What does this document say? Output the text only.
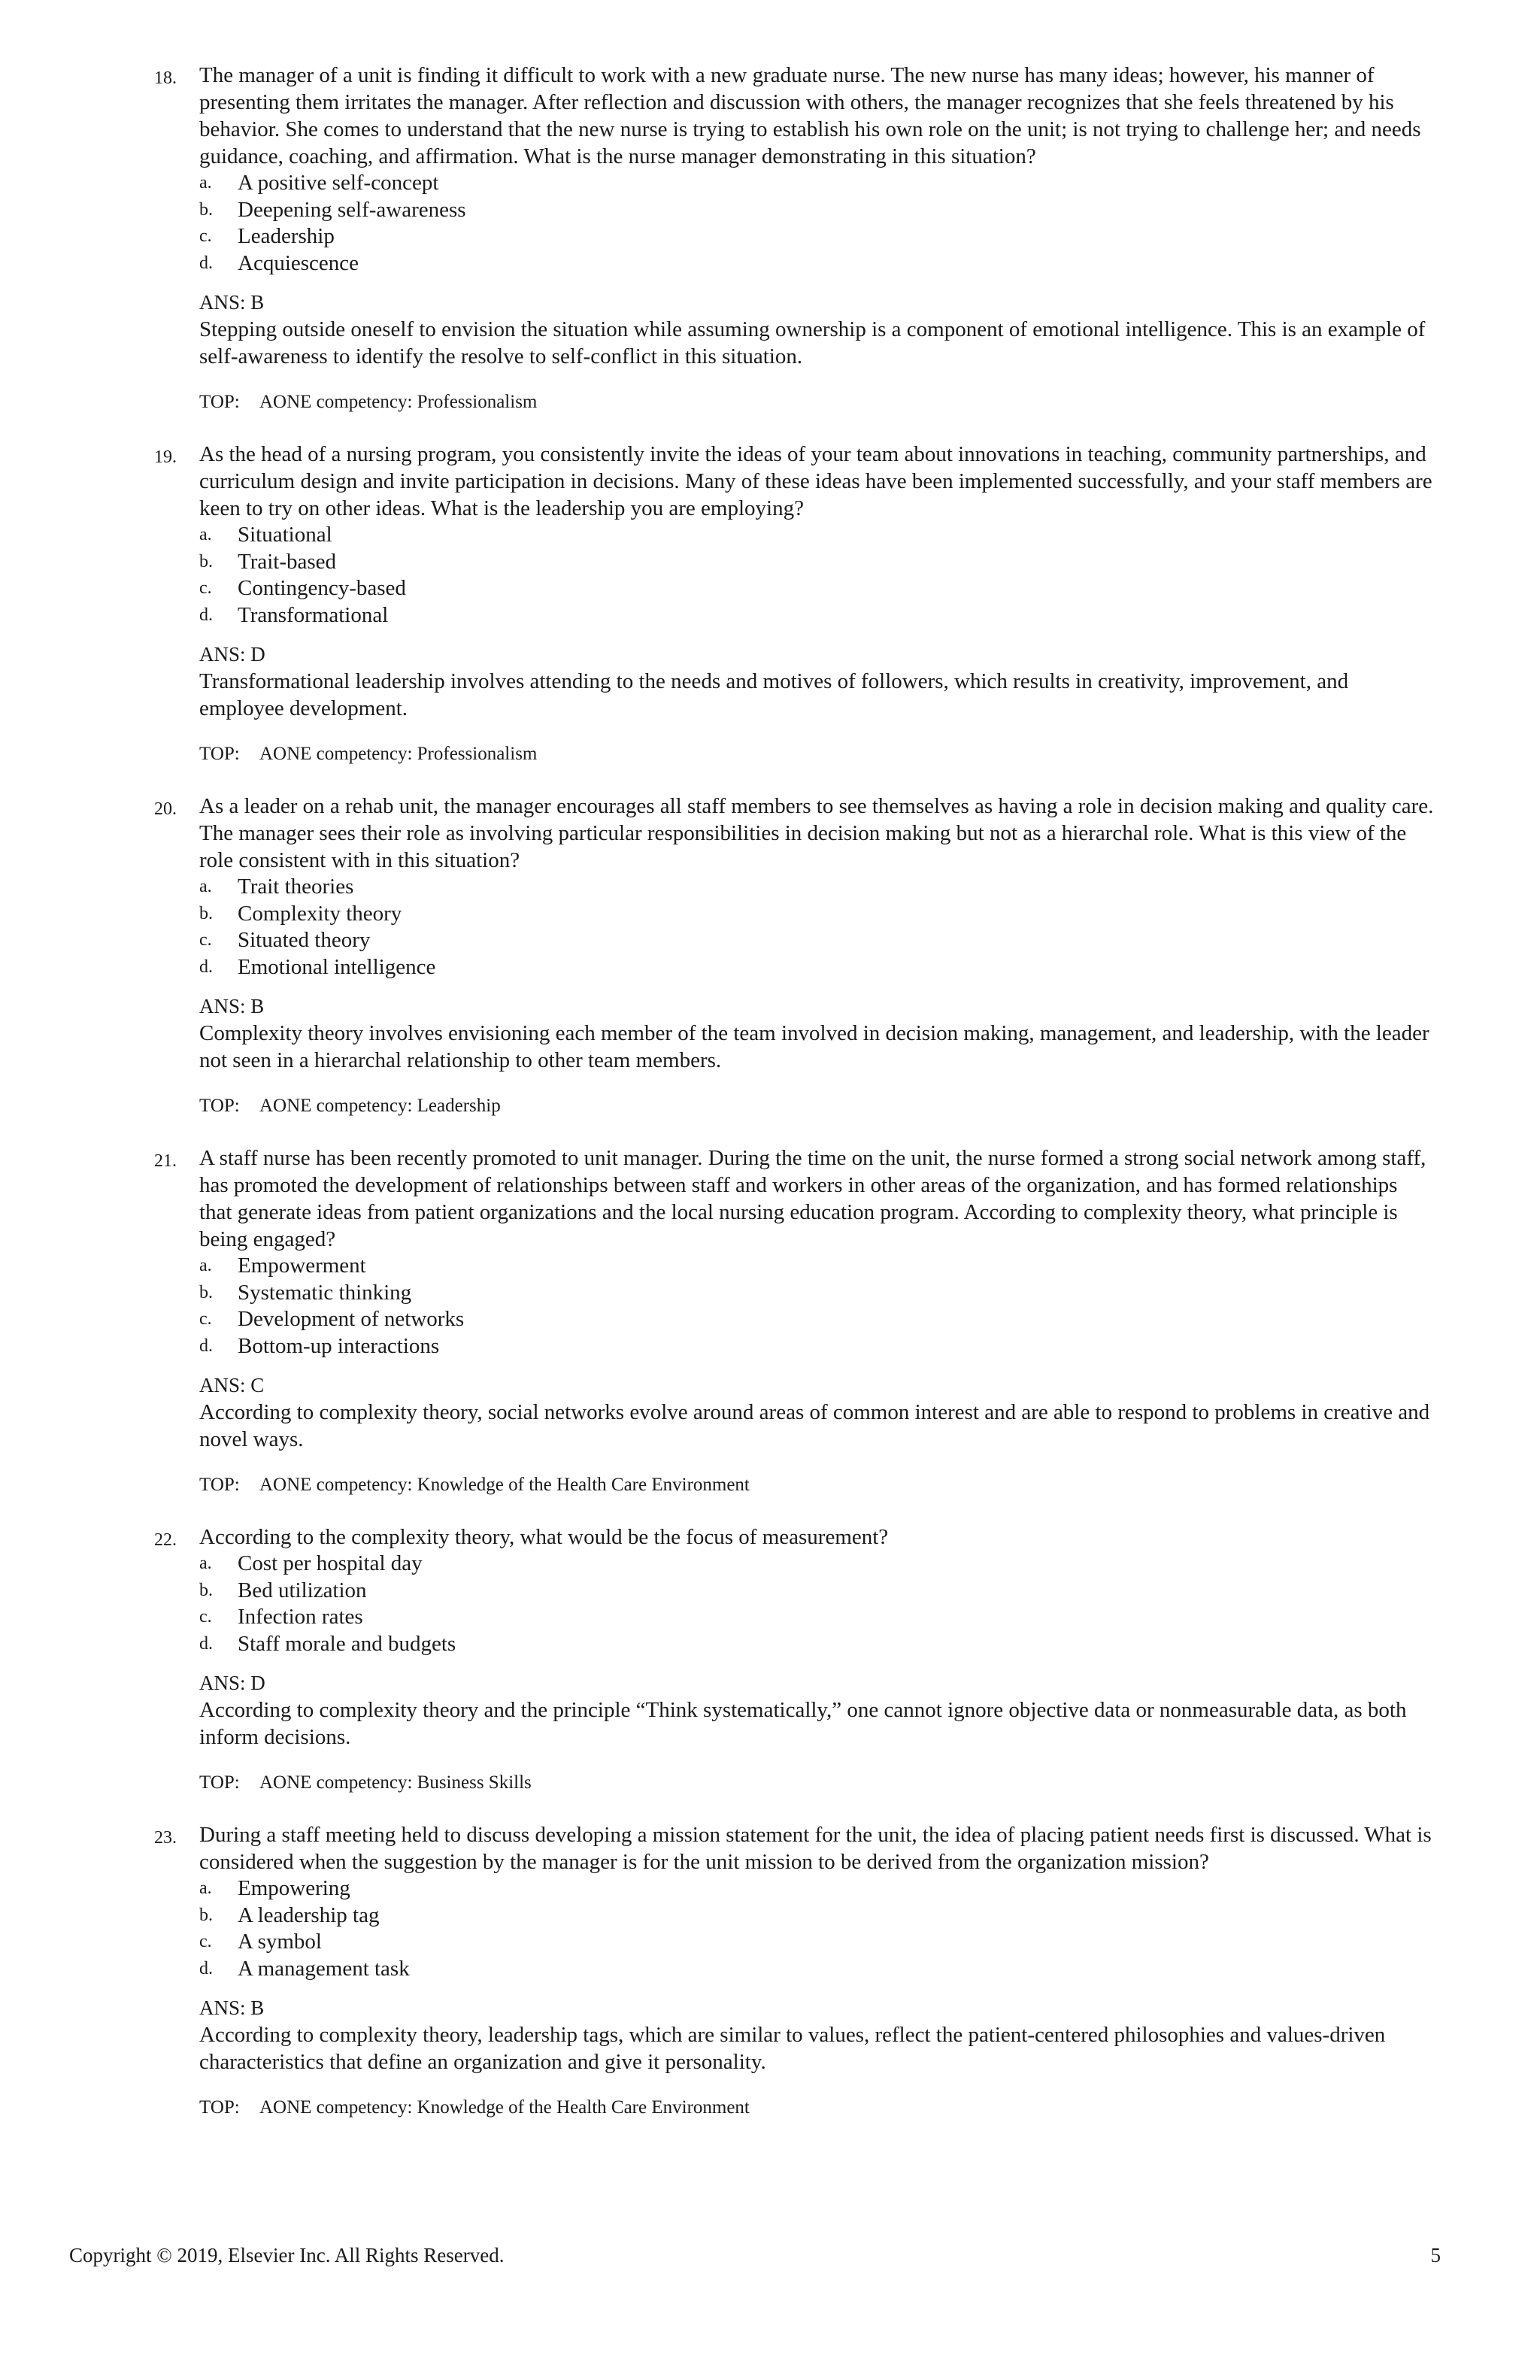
18. The manager of a unit is finding it difficult to work with a new graduate nurse. The new nurse has many ideas; however, his manner of presenting them irritates the manager. After reflection and discussion with others, the manager recognizes that she feels threatened by his behavior. She comes to understand that the new nurse is trying to establish his own role on the unit; is not trying to challenge her; and needs guidance, coaching, and affirmation. What is the nurse manager demonstrating in this situation?

a.	A positive self-concept
b.	Deepening self-awareness
c.	Leadership
d.	Acquiescence
ANS: B

Stepping outside oneself to envision the situation while assuming ownership is a component of emotional intelligence. This is an example of self-awareness to identify the resolve to self-conflict in this situation.

TOP: AONE competency: Professionalism
19. As the head of a nursing program, you consistently invite the ideas of your team about innovations in teaching, community partnerships, and curriculum design and invite participation in decisions. Many of these ideas have been implemented successfully, and your staff members are keen to try on other ideas. What is the leadership you are employing?

a.	Situational
b.	Trait-based
c.	Contingency-based
d.	Transformational
ANS: D

Transformational leadership involves attending to the needs and motives of followers, which results in creativity, improvement, and employee development.

TOP: AONE competency: Professionalism
20. As a leader on a rehab unit, the manager encourages all staff members to see themselves as having a role in decision making and quality care. The manager sees their role as involving particular responsibilities in decision making but not as a hierarchal role. What is this view of the role consistent with in this situation?

a.	Trait theories
b.	Complexity theory
c.	Situated theory
d.	Emotional intelligence
ANS: B

Complexity theory involves envisioning each member of the team involved in decision making, management, and leadership, with the leader not seen in a hierarchal relationship to other team members.

TOP: AONE competency: Leadership
21. A staff nurse has been recently promoted to unit manager. During the time on the unit, the nurse formed a strong social network among staff, has promoted the development of relationships between staff and workers in other areas of the organization, and has formed relationships that generate ideas from patient organizations and the local nursing education program. According to complexity theory, what principle is being engaged?

a.	Empowerment
b.	Systematic thinking
c.	Development of networks
d.	Bottom-up interactions
ANS: C

According to complexity theory, social networks evolve around areas of common interest and are able to respond to problems in creative and novel ways.

TOP: AONE competency: Knowledge of the Health Care Environment
22. According to the complexity theory, what would be the focus of measurement?

a.	Cost per hospital day
b.	Bed utilization
c.	Infection rates
d.	Staff morale and budgets
ANS: D

According to complexity theory and the principle “Think systematically,” one cannot ignore objective data or nonmeasurable data, as both inform decisions.

TOP: AONE competency: Business Skills
23. During a staff meeting held to discuss developing a mission statement for the unit, the idea of placing patient needs first is discussed. What is considered when the suggestion by the manager is for the unit mission to be derived from the organization mission?

a.	Empowering
b.	A leadership tag
c.	A symbol
d.	A management task
ANS: B

According to complexity theory, leadership tags, which are similar to values, reflect the patient-centered philosophies and values-driven characteristics that define an organization and give it personality.

TOP: AONE competency: Knowledge of the Health Care Environment
Copyright © 2019, Elsevier Inc. All Rights Reserved.	5
